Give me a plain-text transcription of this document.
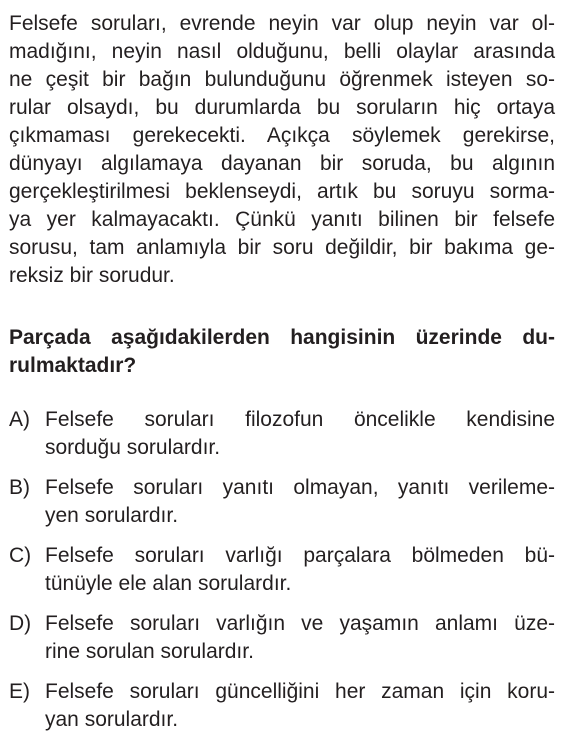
Felsefe soruları, evrende neyin var olup neyin var ol-
madığını, neyin nasıl olduğunu, belli olaylar arasında
ne çeşit bir bağın bulunduğunu öğrenmek isteyen so-
rular olsaydı, bu durumlarda bu soruların hiç ortaya
çıkmaması gerekecekti. Açıkça söylemek gerekirse,
dünyayı algılamaya dayanan bir soruda, bu algının
gerçekleştirilmesi beklenseydi, artık bu soruyu sorma-
ya yer kalmayacaktı. Çünkü yanıtı bilinen bir felsefe
sorusu, tam anlamıyla bir soru değildir, bir bakıma ge-
reksiz bir sorudur.
Parçada aşağıdakilerden hangisinin üzerinde du-
rulmaktadır?
A) Felsefe soruları filozofun öncelikle kendisine
sorduğu sorulardır.
B) Felsefe soruları yanıtı olmayan, yanıtı verileme-
yen sorulardır.
C) Felsefe soruları varlığı parçalara bölmeden bü-
tünüyle ele alan sorulardır.
D) Felsefe soruları varlığın ve yaşamın anlamı üze-
rine sorulan sorulardır.
E) Felsefe soruları güncelliğini her zaman için koru-
yan sorulardır.
